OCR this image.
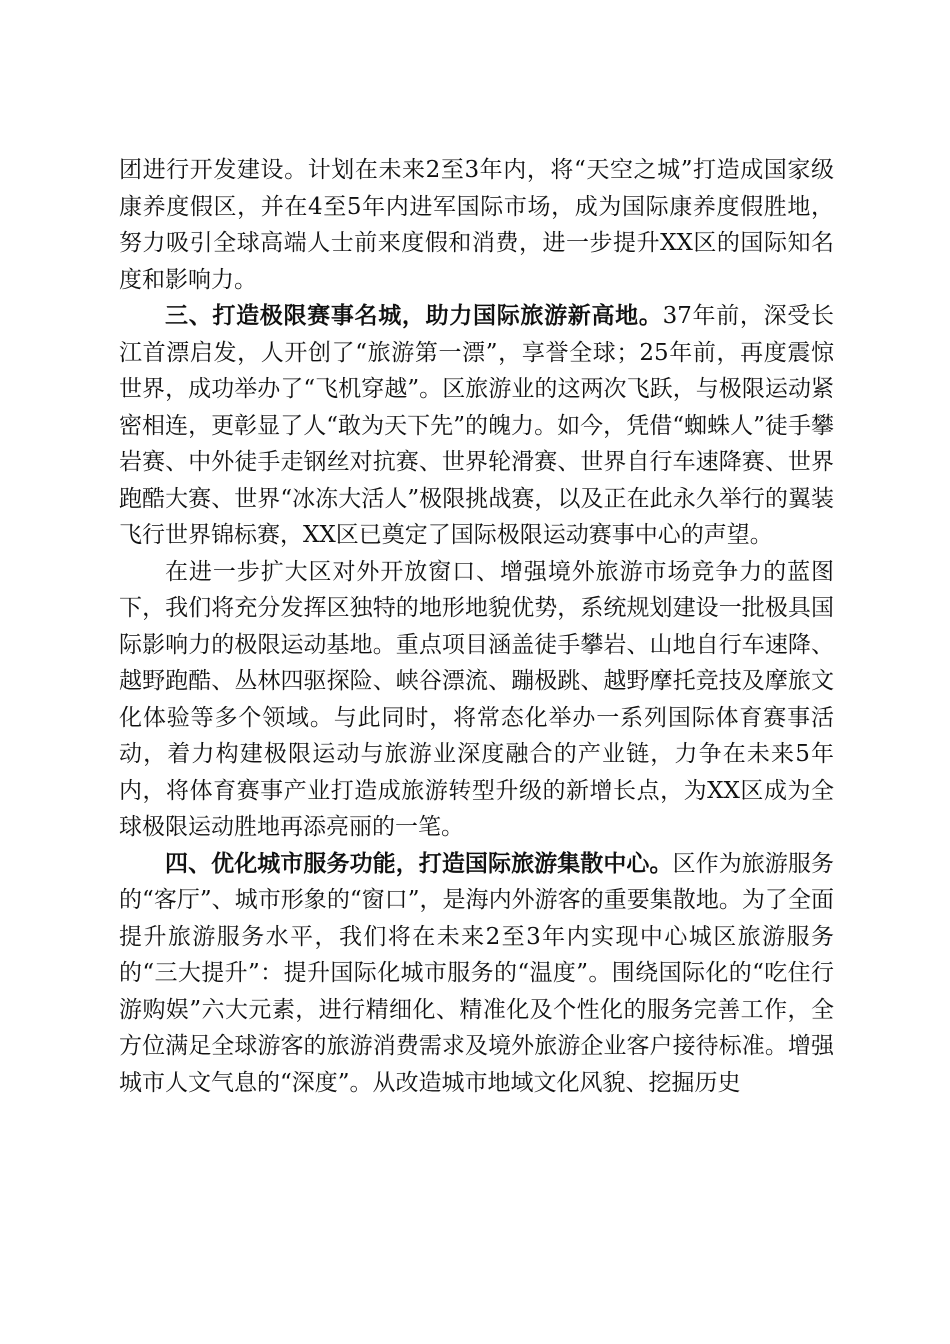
团进行开发建设。计划在未来2至3年内，将“天空之城”打造成国家级康养度假区，并在4至5年内进军国际市场，成为国际康养度假胜地，努力吸引全球高端人士前来度假和消费，进一步提升XX区的国际知名度和影响力。

三、打造极限赛事名城，助力国际旅游新高地。37年前，深受长江首漂启发，人开创了“旅游第一漂”，享誉全球；25年前，再度震惊世界，成功举办了“飞机穿越”。区旅游业的这两次飞跃，与极限运动紧密相连，更彰显了人“敢为天下先”的魄力。如今，凭借“蜘蛛人”徒手攀岩赛、中外徒手走钢丝对抗赛、世界轮滑赛、世界自行车速降赛、世界跑酷大赛、世界“冰冻大活人”极限挑战赛，以及正在此永久举行的翼装飞行世界锦标赛，XX区已奠定了国际极限运动赛事中心的声望。

在进一步扩大区对外开放窗口、增强境外旅游市场竞争力的蓝图下，我们将充分发挥区独特的地形地貌优势，系统规划建设一批极具国际影响力的极限运动基地。重点项目涵盖徒手攀岩、山地自行车速降、越野跑酷、丛林四驱探险、峡谷漂流、蹦极跳、越野摩托竞技及摩旅文化体验等多个领域。与此同时，将常态化举办一系列国际体育赛事活动，着力构建极限运动与旅游业深度融合的产业链，力争在未来5年内，将体育赛事产业打造成旅游转型升级的新增长点，为XX区成为全球极限运动胜地再添亮丽的一笔。

四、优化城市服务功能，打造国际旅游集散中心。区作为旅游服务的“客厅”、城市形象的“窗口”，是海内外游客的重要集散地。为了全面提升旅游服务水平，我们将在未来2至3年内实现中心城区旅游服务的“三大提升”：提升国际化城市服务的“温度”。围绕国际化的“吃住行游购娱”六大元素，进行精细化、精准化及个性化的服务完善工作，全方位满足全球游客的旅游消费需求及境外旅游企业客户接待标准。增强城市人文气息的“深度”。从改造城市地域文化风貌、挖掘历史
